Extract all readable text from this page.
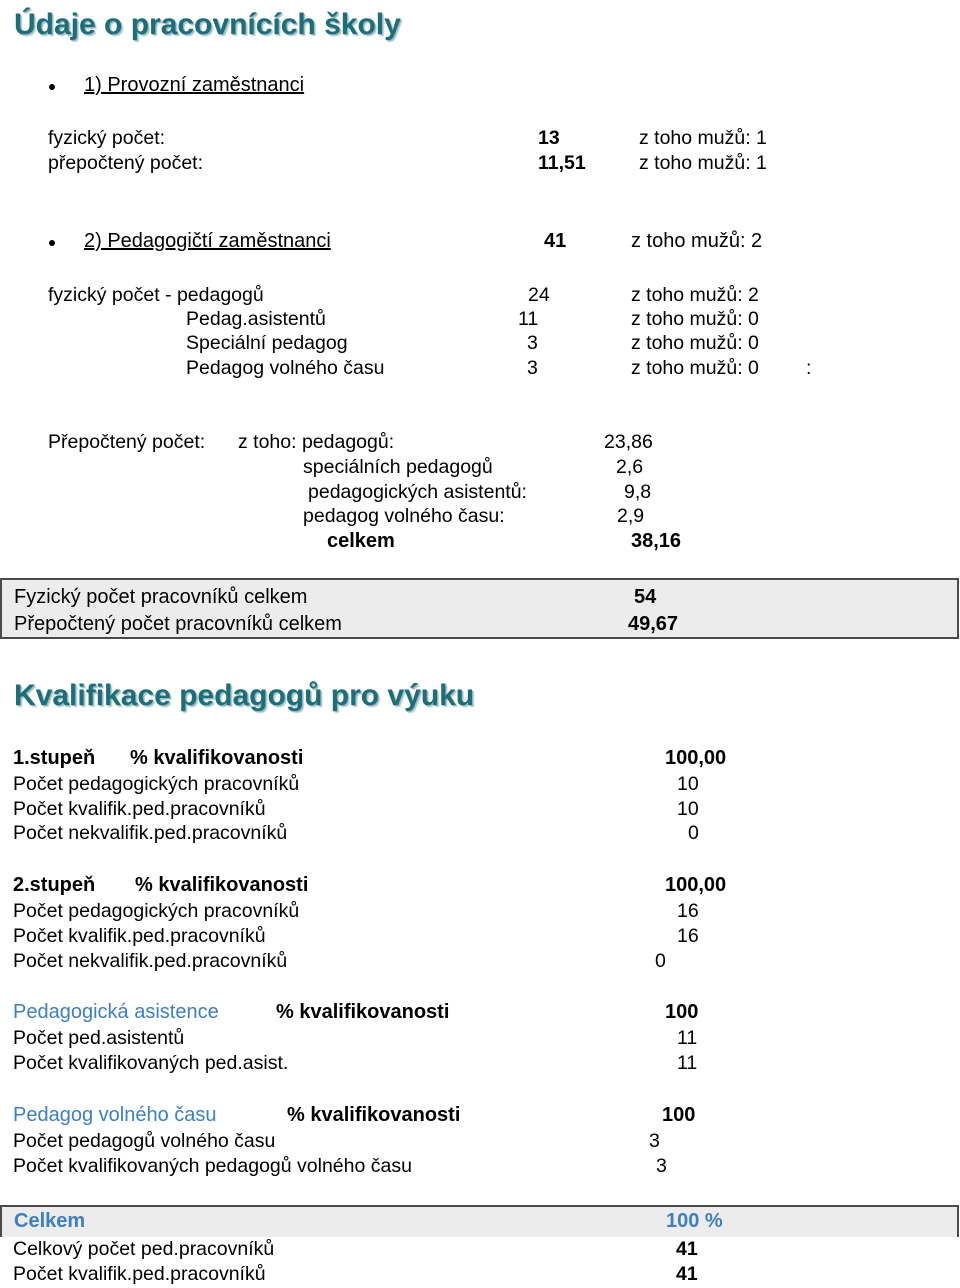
Údaje o pracovnících školy
1) Provozní zaměstnanci
fyzický počet:	13	z toho mužů: 1
přepočtený počet:	11,51	z toho mužů: 1
2) Pedagogičtí zaměstnanci	41	z toho mužů: 2
fyzický počet - pedagogů	24	z toho mužů: 2
Pedag.asistentů	11	z toho mužů: 0
Speciální pedagog	3	z toho mužů: 0
Pedagog volného času	3	z toho mužů: 0 :
Přepočtený počet: z toho: pedagogů:	23,86
speciálních pedagogů	2,6
pedagogických asistentů:	9,8
pedagog volného času:	2,9
celkem	38,16
Fyzický počet pracovníků celkem	54
Přepočtený počet pracovníků celkem	49,67
Kvalifikace pedagogů pro výuku
1.stupeň % kvalifikovanosti	100,00
Počet pedagogických pracovníků	10
Počet kvalifik.ped.pracovníků	10
Počet nekvalifik.ped.pracovníků	0
2.stupeň % kvalifikovanosti	100,00
Počet pedagogických pracovníků	16
Počet kvalifik.ped.pracovníků	16
Počet nekvalifik.ped.pracovníků	0
Pedagogická asistence	% kvalifikovanosti	100
Počet ped.asistentů	11
Počet kvalifikovaných ped.asist.	11
Pedagog volného času	% kvalifikovanosti	100
Počet pedagogů volného času	3
Počet kvalifikovaných pedagogů volného času	3
Celkem	100 %
Celkový počet ped.pracovníků	41
Počet kvalifik.ped.pracovníků	41
